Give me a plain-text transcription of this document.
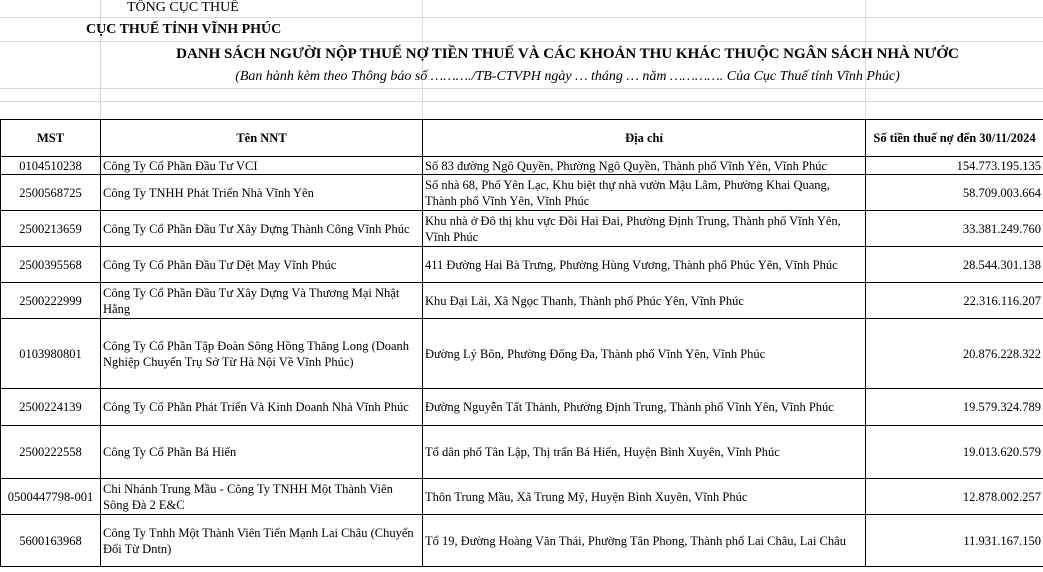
TỔNG CỤC THUẾ
CỤC THUẾ TỈNH VĨNH PHÚC
DANH SÁCH NGƯỜI NỘP THUẾ NỢ TIỀN THUẾ VÀ CÁC KHOẢN THU KHÁC THUỘC NGÂN SÁCH NHÀ NƯỚC
(Ban hành kèm theo Thông báo số ………./TB-CTVPH ngày … tháng … năm …………. Của Cục Thuế tỉnh Vĩnh Phúc)
MST	Tên NNT	Địa chỉ	Số tiền thuế nợ đến 30/11/2024
0104510238	Công Ty Cổ Phần Đầu Tư VCI	Số 83 đường Ngô Quyền, Phường Ngô Quyền, Thành phố Vĩnh Yên, Vĩnh Phúc	154.773.195.135
2500568725	Công Ty TNHH Phát Triển Nhà Vĩnh Yên	Số nhà 68, Phố Yên Lạc, Khu biệt thự nhà vườn Mậu Lâm, Phường Khai Quang, Thành phố Vĩnh Yên, Vĩnh Phúc	58.709.003.664
2500213659	Công Ty Cổ Phần Đầu Tư Xây Dựng Thành Công Vĩnh Phúc	Khu nhà ở Đô thị khu vực Đồi Hai Đai, Phường Định Trung, Thành phố Vĩnh Yên, Vĩnh Phúc	33.381.249.760
2500395568	Công Ty Cổ Phần Đầu Tư Dệt May Vĩnh Phúc	411 Đường Hai Bà Trưng, Phường Hùng Vương, Thành phố Phúc Yên, Vĩnh Phúc	28.544.301.138
2500222999	Công Ty Cổ Phần Đầu Tư Xây Dựng Và Thương Mại Nhật Hằng	Khu Đại Lải, Xã Ngọc Thanh, Thành phố Phúc Yên, Vĩnh Phúc	22.316.116.207
0103980801	Công Ty Cổ Phần Tập Đoàn Sông Hồng Thăng Long (Doanh Nghiệp Chuyển Trụ Sở Từ Hà Nội Về Vĩnh Phúc)	Đường Lý Bôn, Phường Đống Đa, Thành phố Vĩnh Yên, Vĩnh Phúc	20.876.228.322
2500224139	Công Ty Cổ Phần Phát Triển Và Kinh Doanh Nhà Vĩnh Phúc	Đường Nguyễn Tất Thành, Phường Định Trung, Thành phố Vĩnh Yên, Vĩnh Phúc	19.579.324.789
2500222558	Công Ty Cổ Phần Bá Hiến	Tổ dân phố Tân Lập, Thị trấn Bá Hiến, Huyện Bình Xuyên, Vĩnh Phúc	19.013.620.579
0500447798-001	Chi Nhánh Trung Mầu - Công Ty TNHH Một Thành Viên Sông Đà 2 E&C	Thôn Trung Mầu, Xã Trung Mỹ, Huyện Bình Xuyên, Vĩnh Phúc	12.878.002.257
5600163968	Công Ty Tnhh Một Thành Viên Tiến Mạnh Lai Châu (Chuyển Đổi Từ Dntn)	Tổ 19, Đường Hoàng Văn Thái, Phường Tân Phong, Thành phố Lai Châu, Lai Châu	11.931.167.150
